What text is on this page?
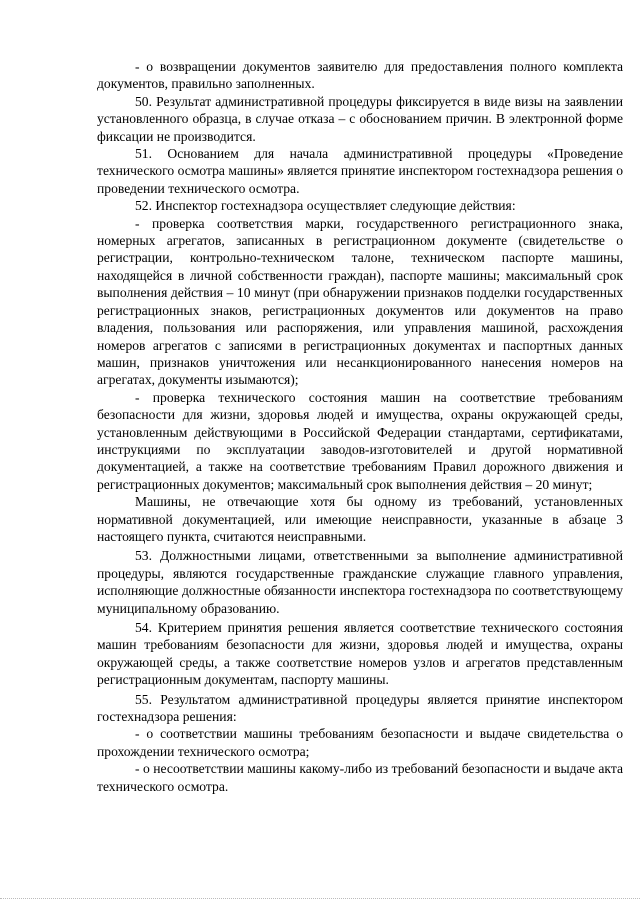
- о возвращении документов заявителю для предоставления полного комплекта документов, правильно заполненных.

50. Результат административной процедуры фиксируется в виде визы на заявлении установленного образца, в случае отказа – с обоснованием причин. В электронной форме фиксации не производится.

51. Основанием для начала административной процедуры «Проведение технического осмотра машины» является принятие инспектором гостехнадзора решения о проведении технического осмотра.

52. Инспектор гостехнадзора осуществляет следующие действия:

- проверка соответствия марки, государственного регистрационного знака, номерных агрегатов, записанных в регистрационном документе (свидетельстве о регистрации, контрольно-техническом талоне, техническом паспорте машины, находящейся в личной собственности граждан), паспорте машины; максимальный срок выполнения действия – 10 минут (при обнаружении признаков подделки государственных регистрационных знаков, регистрационных документов или документов на право владения, пользования или распоряжения, или управления машиной, расхождения номеров агрегатов с записями в регистрационных документах и паспортных данных машин, признаков уничтожения или несанкционированного нанесения номеров на агрегатах, документы изымаются);

- проверка технического состояния машин на соответствие требованиям безопасности для жизни, здоровья людей и имущества, охраны окружающей среды, установленным действующими в Российской Федерации стандартами, сертификатами, инструкциями по эксплуатации заводов-изготовителей и другой нормативной документацией, а также на соответствие требованиям Правил дорожного движения и регистрационных документов; максимальный срок выполнения действия – 20 минут;

Машины, не отвечающие хотя бы одному из требований, установленных нормативной документацией, или имеющие неисправности, указанные в абзаце 3 настоящего пункта, считаются неисправными.

53. Должностными лицами, ответственными за выполнение административной процедуры, являются государственные гражданские служащие главного управления, исполняющие должностные обязанности инспектора гостехнадзора по соответствующему муниципальному образованию.

54. Критерием принятия решения является соответствие технического состояния машин требованиям безопасности для жизни, здоровья людей и имущества, охраны окружающей среды, а также соответствие номеров узлов и агрегатов представленным регистрационным документам, паспорту машины.

55. Результатом административной процедуры является принятие инспектором гостехнадзора решения:

- о соответствии машины требованиям безопасности и выдаче свидетельства о прохождении технического осмотра;

- о несоответствии машины какому-либо из требований безопасности и выдаче акта технического осмотра.
